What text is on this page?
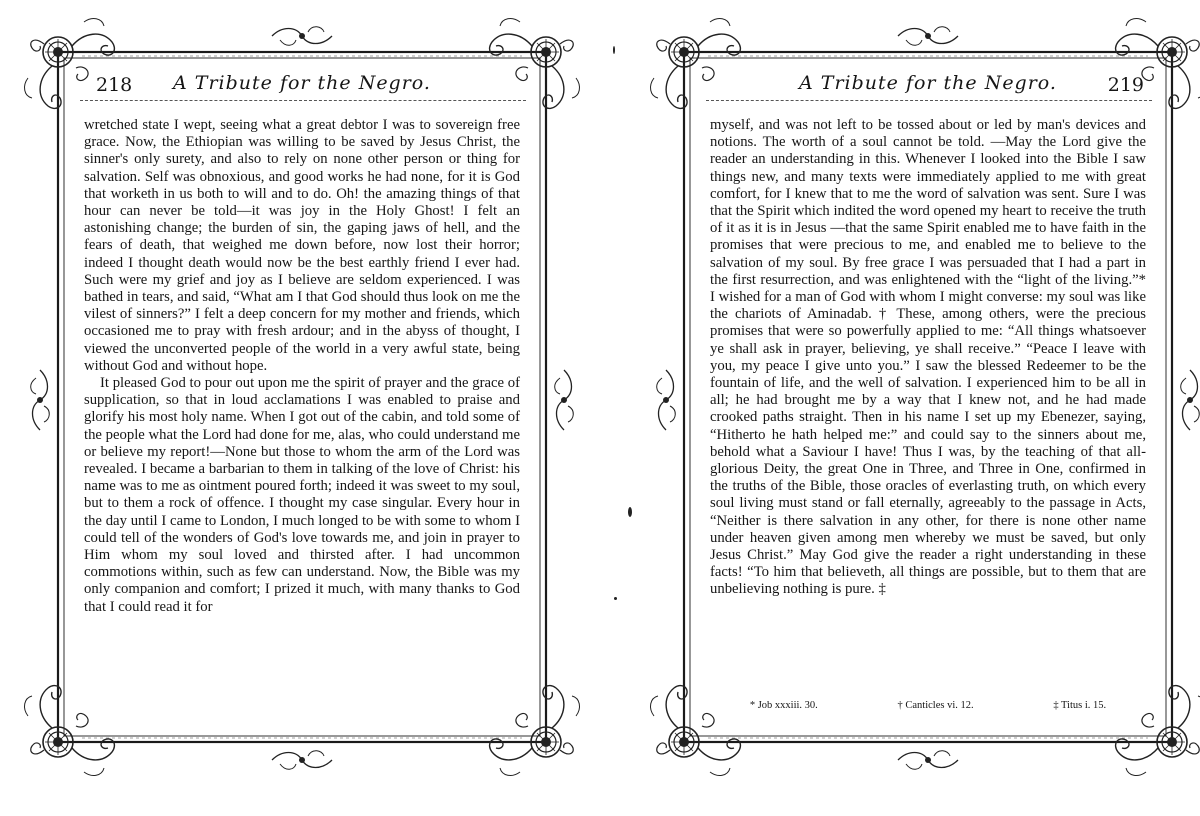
218	A Tribute for the Negro.

wretched state I wept, seeing what a great debtor I was to sovereign free grace. Now, the Ethiopian was willing to be saved by Jesus Christ, the sinner's only surety, and also to rely on none other person or thing for salvation. Self was obnoxious, and good works he had none, for it is God that worketh in us both to will and to do. Oh! the amazing things of that hour can never be told—it was joy in the Holy Ghost! I felt an astonishing change; the burden of sin, the gaping jaws of hell, and the fears of death, that weighed me down before, now lost their horror; indeed I thought death would now be the best earthly friend I ever had. Such were my grief and joy as I believe are seldom experienced. I was bathed in tears, and said, “What am I that God should thus look on me the vilest of sinners?” I felt a deep concern for my mother and friends, which occasioned me to pray with fresh ardour; and in the abyss of thought, I viewed the unconverted people of the world in a very awful state, being without God and without hope.

It pleased God to pour out upon me the spirit of prayer and the grace of supplication, so that in loud acclamations I was enabled to praise and glorify his most holy name. When I got out of the cabin, and told some of the people what the Lord had done for me, alas, who could understand me or believe my report!—None but those to whom the arm of the Lord was revealed. I became a barbarian to them in talking of the love of Christ: his name was to me as ointment poured forth; indeed it was sweet to my soul, but to them a rock of offence. I thought my case singular. Every hour in the day until I came to London, I much longed to be with some to whom I could tell of the wonders of God's love towards me, and join in prayer to Him whom my soul loved and thirsted after. I had uncommon commotions within, such as few can understand. Now, the Bible was my only companion and comfort; I prized it much, with many thanks to God that I could read it for

219
A Tribute for the Negro.

myself, and was not left to be tossed about or led by man's devices and notions. The worth of a soul cannot be told. —May the Lord give the reader an understanding in this. Whenever I looked into the Bible I saw things new, and many texts were immediately applied to me with great comfort, for I knew that to me the word of salvation was sent. Sure I was that the Spirit which indited the word opened my heart to receive the truth of it as it is in Jesus —that the same Spirit enabled me to have faith in the promises that were precious to me, and enabled me to believe to the salvation of my soul. By free grace I was persuaded that I had a part in the first resurrection, and was enlightened with the “light of the living.”* I wished for a man of God with whom I might converse: my soul was like the chariots of Aminadab. † These, among others, were the precious promises that were so powerfully applied to me: “All things whatsoever ye shall ask in prayer, believing, ye shall receive.” “Peace I leave with you, my peace I give unto you.” I saw the blessed Redeemer to be the fountain of life, and the well of salvation. I experienced him to be all in all; he had brought me by a way that I knew not, and he had made crooked paths straight. Then in his name I set up my Ebenezer, saying, “Hitherto he hath helped me:” and could say to the sinners about me, behold what a Saviour I have! Thus I was, by the teaching of that all-glorious Deity, the great One in Three, and Three in One, confirmed in the truths of the Bible, those oracles of everlasting truth, on which every soul living must stand or fall eternally, agreeably to the passage in Acts, “Neither is there salvation in any other, for there is none other name under heaven given among men whereby we must be saved, but only Jesus Christ.” May God give the reader a right understanding in these facts! “To him that believeth, all things are possible, but to them that are unbelieving nothing is pure. ‡

* Job xxxiii. 30.	† Canticles vi. 12.	‡ Titus i. 15.
